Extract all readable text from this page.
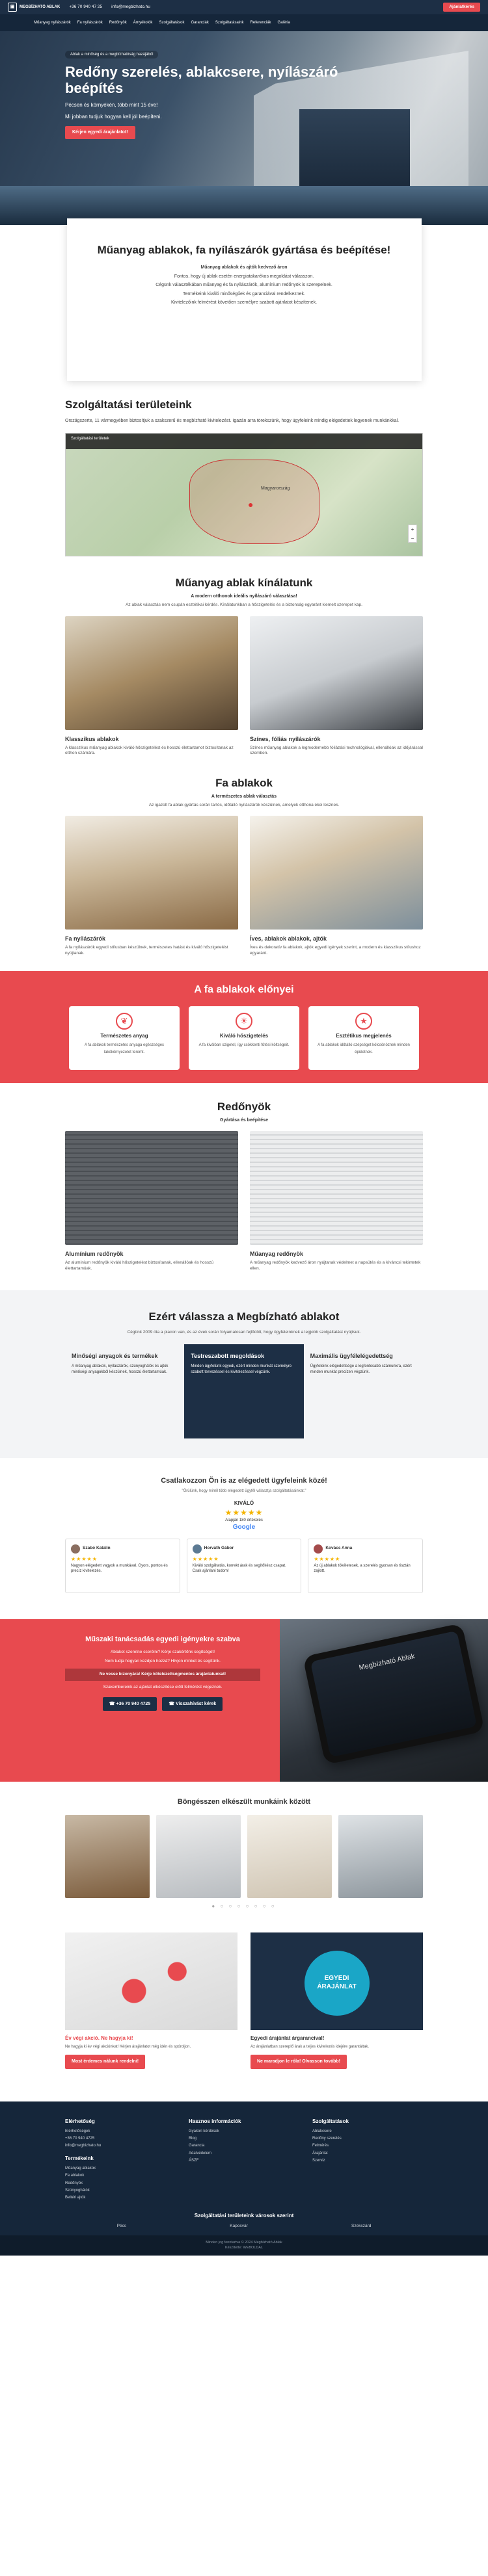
▣	MEGBÍZHATÓ ABLAK +36 70 940 47 25 info@megbizhato.hu	Ajánlatkérés
Műanyag nyílászárók Fa nyílászárók Redőnyök Árnyékolók Szolgáltatások Garanciák Szolgáltatásaink Referenciák Galéria
Ablak a minőség és a megbízhatóság hazájából
Redőny szerelés, ablakcsere, nyílászáró beépítés

Pécsen és környékén, több mint 15 éve!

Mi jobban tudjuk hogyan kell jól beépíteni.

Kérjen egyedi árajánlatot!
Műanyag ablakok, fa nyílászárók gyártása és beépítése!

Műanyag ablakok és ajtók kedvező áron

Fontos, hogy új ablak esetén energiatakarékos megoldást válasszon.

Cégünk választékában műanyag és fa nyílászárók, alumínium redőnyök is szerepelnek.

Termékeink kiváló minőségűek és garanciával rendelkeznek.

Kivitelezőink felmérést követően személyre szabott ajánlatot készítenek.

Szolgáltatási területeink

Országszerte, 11 vármegyében biztosítjuk a szakszerű és megbízható kivitelezést. Igazán arra törekszünk, hogy ügyfeleink mindig elégedettek legyenek munkánkkal.

Szolgáltatási területek
●
Magyarország
+
−
Műanyag ablak kínálatunk

A modern otthonok ideális nyílászáró választása!

Az ablak választás nem csupán esztétikai kérdés. Kínálatunkban a hőszigetelés és a biztonság egyaránt kiemelt szerepet kap.

Klasszikus ablakok
A klasszikus műanyag ablakok kiváló hőszigetelést és hosszú élettartamot biztosítanak az otthon számára.
Színes, fóliás nyílászárók
Színes műanyag ablakok a legmodernebb fóliázási technológiával, ellenállóak az időjárással szemben.
Fa ablakok

A természetes ablak választás

Az igazolt fa ablak gyártás során tartós, időtálló nyílászárók készülnek, amelyek otthona ékei lesznek.

Fa nyílászárók
A fa nyílászárók egyedi stílusban készülnek, természetes hatást és kiváló hőszigetelést nyújtanak.
Íves, ablakok ablakok, ajtók
Íves és dekoratív fa ablakok, ajtók egyedi igények szerint, a modern és klasszikus stílushoz egyaránt.
A fa ablakok előnyei
❦
Természetes anyag
A fa ablakok természetes anyaga egészséges lakókörnyezetet teremt.
☀
Kiváló hőszigetelés
A fa kiválóan szigetel, így csökkenti fűtési költségeit.
★
Esztétikus megjelenés
A fa ablakok időtálló szépséget kölcsönöznek minden épületnek.
Redőnyök

Gyártása és beépítése

Alumínium redőnyök
Az alumínium redőnyök kiváló hőszigetelést biztosítanak, ellenállóak és hosszú élettartamúak.
Műanyag redőnyök
A műanyag redőnyök kedvező áron nyújtanak védelmet a napsütés és a kíváncsi tekintetek ellen.
Ezért válassza a Megbízható ablakot

Cégünk 2009 óta a piacon van, és az évek során folyamatosan fejlődött, hogy ügyfeleinknek a legjobb szolgáltatást nyújtsuk.

Minőségi anyagok és termékek

A műanyag ablakok, nyílászárók, szúnyoghálók és ajtók minőségi anyagokból készülnek, hosszú élettartamúak.

Testreszabott megoldások

Minden ügyfelünk egyedi, ezért minden munkát személyre szabott tervezéssel és kivitelezéssel végzünk.

Maximális ügyfélelégedettség

Ügyfeleink elégedettsége a legfontosabb számunkra, ezért minden munkát precízen végzünk.

Csatlakozzon Ön is az elégedett ügyfeleink közé!

"Örülünk, hogy minél több elégedett ügyfél választja szolgáltatásainkat."

KIVÁLÓ
★★★★★
Alapján 180 értékelés
Google
Szabó Katalin
★★★★★

Nagyon elégedett vagyok a munkával. Gyors, pontos és precíz kivitelezés.

Horváth Gábor
★★★★★

Kiváló szolgáltatás, korrekt árak és segítőkész csapat. Csak ajánlani tudom!

Kovács Anna
★★★★★

Az új ablakok tökéletesek, a szerelés gyorsan és tisztán zajlott.

Műszaki tanácsadás egyedi igényekre szabva

Ablakot szeretne cserélni? Kérje szakértőnk segítségét!

Nem tudja hogyan kezdjen hozzá? Hívjon minket és segítünk.

Ne vesse bizonyára! Kérje kötelezettségmentes árajánlatunkat!

Szakembereink az ajánlat elkészítése előtt felmérést végeznek.

☎ +36 70 940 4725	☎ Visszahívást kérek
Megbízható Ablak
Böngésszen elkészült munkáink között
● ○ ○ ○ ○ ○ ○ ○
Év végi akció. Ne hagyja ki!

Ne hagyja ki év végi akciónkat! Kérjen árajánlatot még idén és spóroljon.

Most érdemes nálunk rendelni!
EGYEDI ÁRAJÁNLAT
Egyedi árajánlat árgarancival!

Az árajánlatban szereplő árak a teljes kivitelezés idejére garantáltak.

Ne maradjon le róla! Olvasson tovább!
Elérhetőség
Elérhetőségek
+36 70 940 4725
info@megbizhato.hu
Termékeink
Műanyag ablakok
Fa ablakok
Redőnyök
Szúnyoghálók
Beltéri ajtók
Hasznos információk
Gyakori kérdések
Blog
Garancia
Adatvédelem
ÁSZF
Szolgáltatások
Ablakcsere
Redőny szerelés
Felmérés
Árajánlat
Szerviz
Szolgáltatási területeink városok szerint
Pécs	Kaposvár	Szekszárd
Minden jog fenntartva © 2024 Megbízható Ablak
Készítette: WEBOLDAL
